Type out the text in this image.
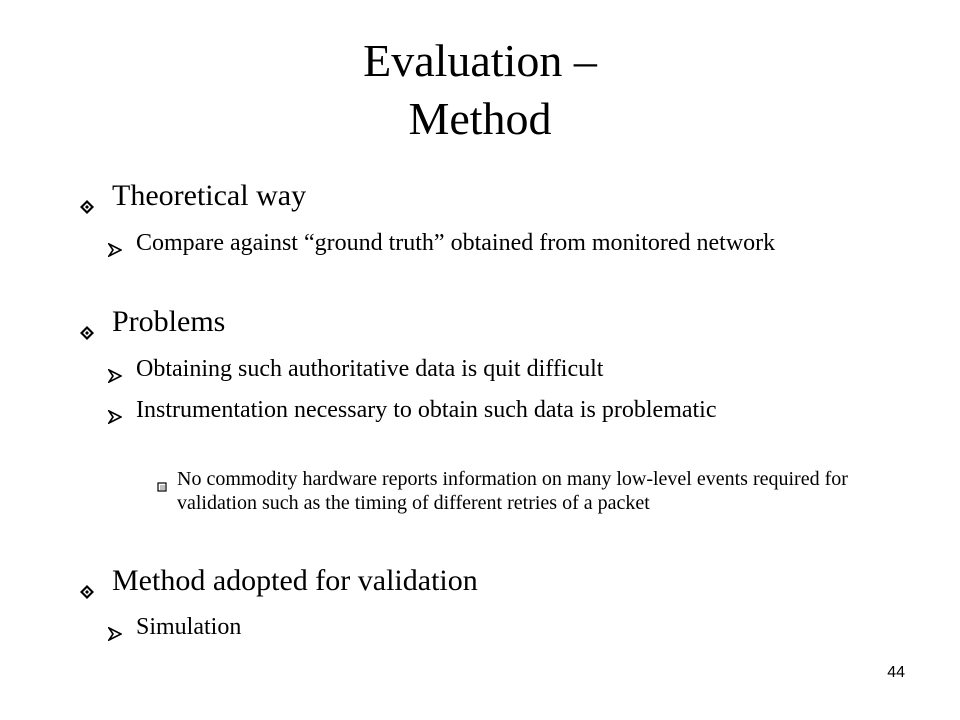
Evaluation –
Method
Theoretical way
Compare against “ground truth” obtained from monitored network
Problems
Obtaining such authoritative data is quit difficult
Instrumentation necessary to obtain such data is problematic
No commodity hardware reports information on many low-level events required for validation such as the timing of different retries of a packet
Method adopted for validation
Simulation
44
